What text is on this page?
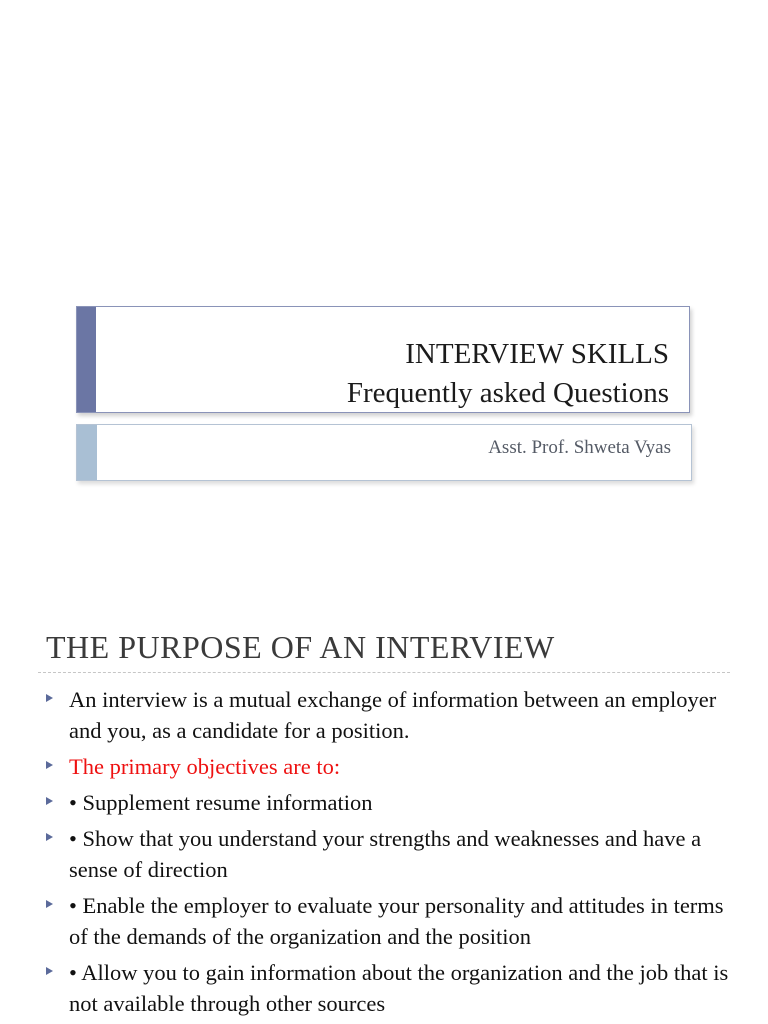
INTERVIEW SKILLS
Frequently asked Questions
Asst. Prof. Shweta Vyas
THE PURPOSE OF AN INTERVIEW
An interview is a mutual exchange of information between an employer and you, as a candidate for a position.
The primary objectives are to:
• Supplement resume information
• Show that you understand your strengths and weaknesses and have a sense of direction
• Enable the employer to evaluate your personality and attitudes in terms of the demands of the organization and the position
• Allow you to gain information about the organization and the job that is not available through other sources
